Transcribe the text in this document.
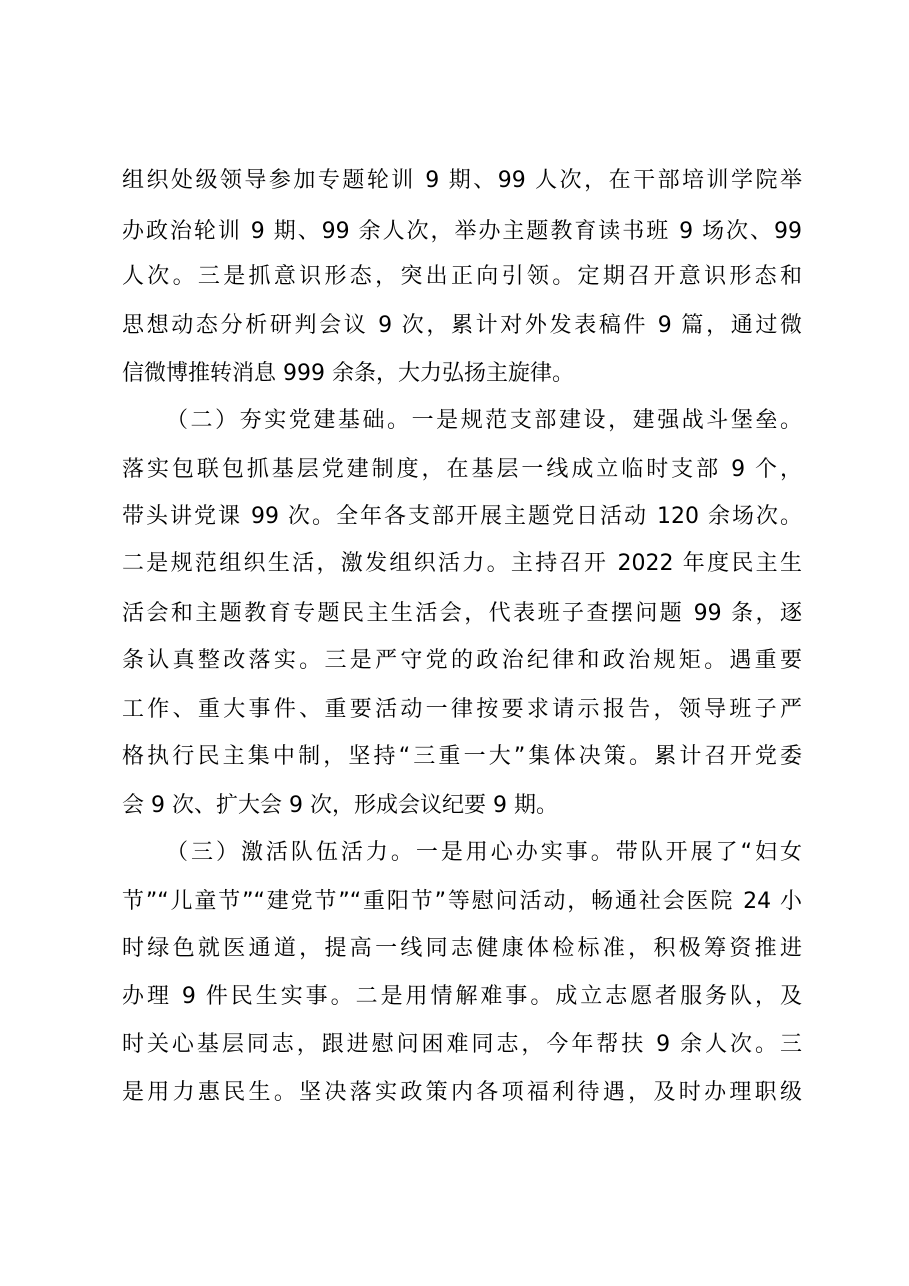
组织处级领导参加专题轮训 9 期、99 人次，在干部培训学院举
办政治轮训 9 期、99 余人次，举办主题教育读书班 9 场次、99
人次。三是抓意识形态，突出正向引领。定期召开意识形态和
思想动态分析研判会议 9 次，累计对外发表稿件 9 篇，通过微
信微博推转消息 999 余条，大力弘扬主旋律。
（二）夯实党建基础。一是规范支部建设，建强战斗堡垒。
落实包联包抓基层党建制度，在基层一线成立临时支部 9 个，
带头讲党课 99 次。全年各支部开展主题党日活动 120 余场次。
二是规范组织生活，激发组织活力。主持召开 2022 年度民主生
活会和主题教育专题民主生活会，代表班子查摆问题 99 条，逐
条认真整改落实。三是严守党的政治纪律和政治规矩。遇重要
工作、重大事件、重要活动一律按要求请示报告，领导班子严
格执行民主集中制，坚持“三重一大”集体决策。累计召开党委
会 9 次、扩大会 9 次，形成会议纪要 9 期。
（三）激活队伍活力。一是用心办实事。带队开展了“妇女
节”“儿童节”“建党节”“重阳节”等慰问活动，畅通社会医院 24 小
时绿色就医通道，提高一线同志健康体检标准，积极筹资推进
办理 9 件民生实事。二是用情解难事。成立志愿者服务队，及
时关心基层同志，跟进慰问困难同志，今年帮扶 9 余人次。三
是用力惠民生。坚决落实政策内各项福利待遇，及时办理职级
